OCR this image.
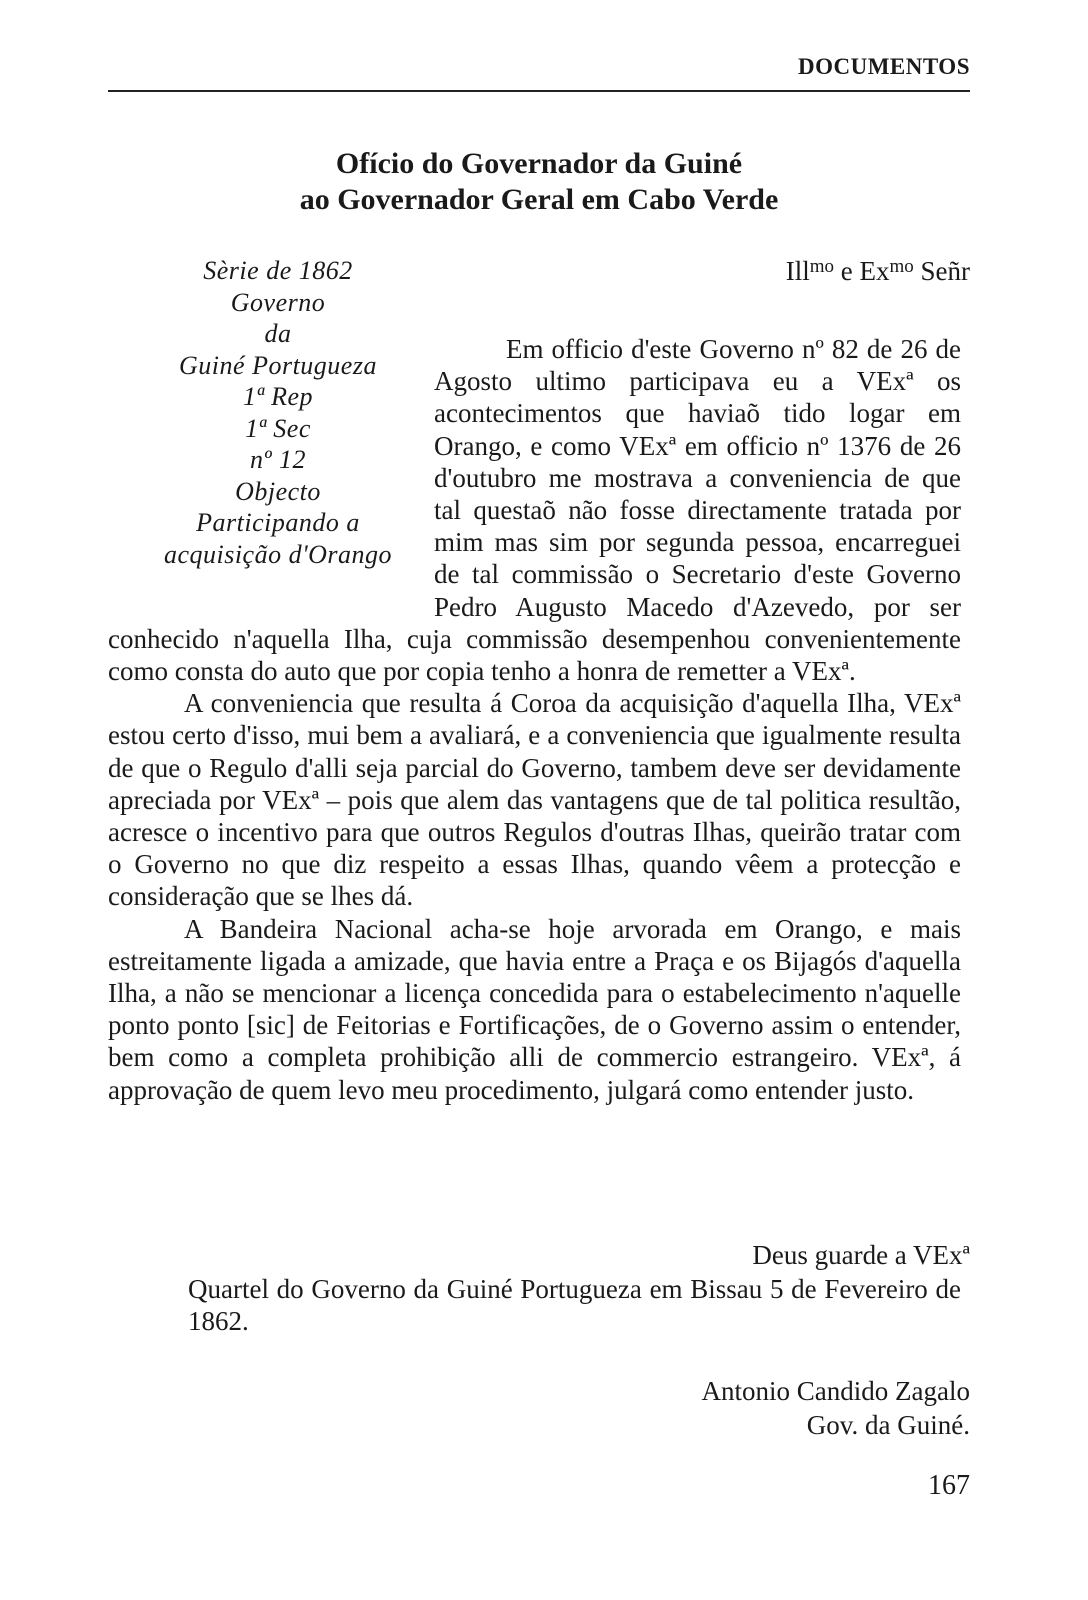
DOCUMENTOS
Ofício do Governador da Guiné
ao Governador Geral em Cabo Verde
Sèrie de 1862
Governo
da
Guiné Portugueza
1ª Rep
1ª Sec
nº 12
Objecto
Participando a
acquisição d'Orango
Ill$^{mo}$ e $Ex^{mo}$ Señr

Em officio d'este Governo nº 82 de 26 de Agosto ultimo participava eu a VExª os acontecimentos que haviaõ tido logar em Orango, e como VExª em officio nº 1376 de 26 d'outubro me mostrava a conveniencia de que tal questaõ não fosse directamente tratada por mim mas sim por segunda pessoa, encarreguei de tal commissão o Secretario d'este Governo Pedro Augusto Macedo d'Azevedo, por ser conhecido n'aquella Ilha, cuja commissão desempenhou convenientemente como consta do auto que por copia tenho a honra de remetter a VExª.

A conveniencia que resulta á Coroa da acquisição d'aquella Ilha, VExª estou certo d'isso, mui bem a avaliará, e a conveniencia que igualmente resulta de que o Regulo d'alli seja parcial do Governo, tambem deve ser devidamente apreciada por VExª – pois que alem das vantagens que de tal politica resultão, acresce o incentivo para que outros Regulos d'outras Ilhas, queirão tratar com o Governo no que diz respeito a essas Ilhas, quando vêem a protecção e consideração que se lhes dá.

A Bandeira Nacional acha-se hoje arvorada em Orango, e mais estreitamente ligada a amizade, que havia entre a Praça e os Bijagós d'aquella Ilha, a não se mencionar a licença concedida para o estabelecimento n'aquelle ponto ponto [sic] de Feitorias e Fortificações, de o Governo assim o entender, bem como a completa prohibição alli de commercio estrangeiro. VExª, á approvação de quem levo meu procedimento, julgará como entender justo.

Deus guarde a VExª
Quartel do Governo da Guiné Portugueza em Bissau 5 de Fevereiro de 1862.
Antonio Candido Zagalo
Gov. da Guiné.
167
